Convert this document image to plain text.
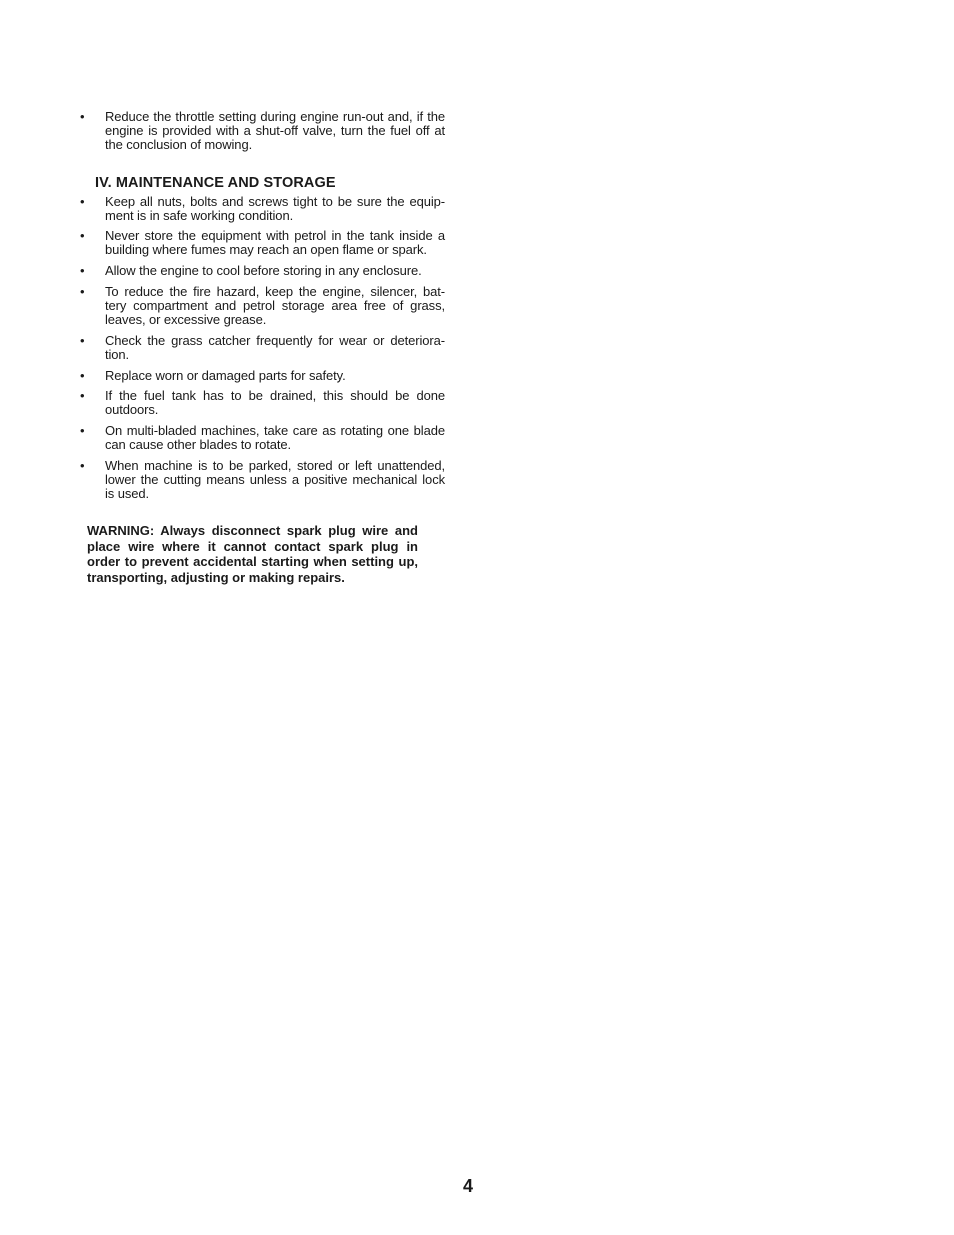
• Reduce the throttle setting during engine run-out and, if the engine is provided with a shut-off valve, turn the fuel off at the conclusion of mowing.
IV. MAINTENANCE AND STORAGE
• Keep all nuts, bolts and screws tight to be sure the equip- ment is in safe working condition.
• Never store the equipment with petrol in the tank inside a building where fumes may reach an open flame or spark.
• Allow the engine to cool before storing in any enclosure.
• To reduce the fire hazard, keep the engine, silencer, bat- tery compartment and petrol storage area free of grass, leaves, or excessive grease.
• Check the grass catcher frequently for wear or deteriora- tion.
• Replace worn or damaged parts for safety.
• If the fuel tank has to be drained, this should be done outdoors.
• On multi-bladed machines, take care as rotating one blade can cause other blades to rotate.
• When machine is to be parked, stored or left unattended, lower the cutting means unless a positive mechanical lock is used.
WARNING: Always disconnect spark plug wire and place wire where it cannot contact spark plug in order to prevent accidental starting when setting up, transporting, adjusting or making repairs.
4
